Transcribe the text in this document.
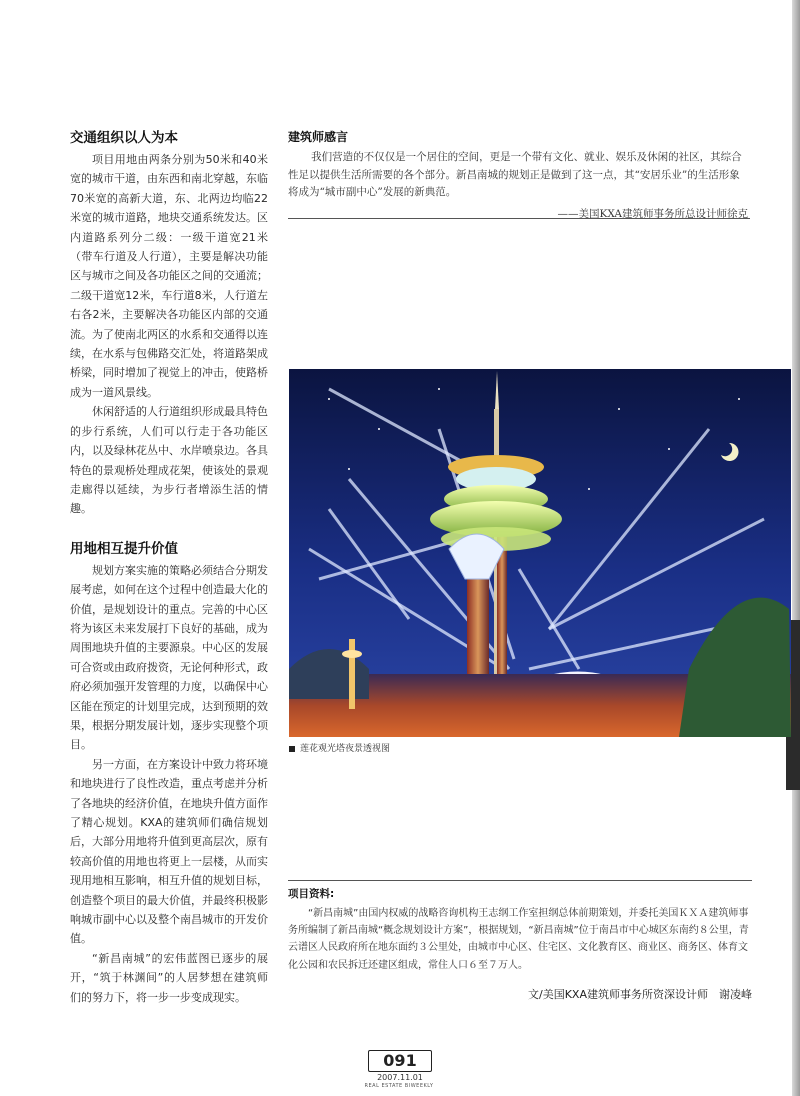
交通组织以人为本

项目用地由两条分别为50米和40米宽的城市干道，由东西和南北穿越，东临70米宽的高新大道，东、北两边均临22米宽的城市道路，地块交通系统发达。区内道路系列分二级：一级干道宽21米（带车行道及人行道），主要是解决功能区与城市之间及各功能区之间的交通流；二级干道宽12米，车行道8米，人行道左右各2米，主要解决各功能区内部的交通流。为了使南北两区的水系和交通得以连续，在水系与包佛路交汇处，将道路架成桥梁，同时增加了视觉上的冲击，使路桥成为一道风景线。

休闲舒适的人行道组织形成最具特色的步行系统，人们可以行走于各功能区内，以及绿林花丛中、水岸喷泉边。各具特色的景观桥处理成花架，使该处的景观走廊得以延续，为步行者增添生活的情趣。

用地相互提升价值

规划方案实施的策略必须结合分期发展考虑，如何在这个过程中创造最大化的价值，是规划设计的重点。完善的中心区将为该区未来发展打下良好的基础，成为周围地块升值的主要源泉。中心区的发展可合资或由政府拨资，无论何种形式，政府必须加强开发管理的力度，以确保中心区能在预定的计划里完成，达到预期的效果，根据分期发展计划，逐步实现整个项目。

另一方面，在方案设计中致力将环境和地块进行了良性改造，重点考虑并分析了各地块的经济价值，在地块升值方面作了精心规划。KXA的建筑师们确信规划后，大部分用地将升值到更高层次，原有较高价值的用地也将更上一层楼，从而实现用地相互影响，相互升值的规划目标，创造整个项目的最大价值，并最终积极影响城市副中心以及整个南昌城市的开发价值。

“新昌南城”的宏伟蓝图已逐步的展开，“筑于林渊间”的人居梦想在建筑师们的努力下，将一步一步变成现实。

建筑师感言

我们营造的不仅仅是一个居住的空间，更是一个带有文化、就业、娱乐及休闲的社区，其综合性足以提供生活所需要的各个部分。新昌南城的规划正是做到了这一点，其“安居乐业”的生活形象将成为“城市副中心”发展的新典范。

——美国KXA建筑师事务所总设计师徐克
莲花观光塔夜景透视图
项目资料:

“新昌南城”由国内权威的战略咨询机构王志纲工作室担纲总体前期策划，并委托美国ＫＸＡ建筑师事务所编制了新昌南城“概念规划设计方案”，根据规划，“新昌南城”位于南昌市中心城区东南约８公里，青云谱区人民政府所在地东面约３公里处，由城市中心区、住宅区、文化教育区、商业区、商务区、体育文化公园和农民拆迁还建区组成，常住人口６至７万人。

文/美国KXA建筑师事务所资深设计师　谢凌峰
091
2007.11.01
REAL ESTATE BIWEEKLY
